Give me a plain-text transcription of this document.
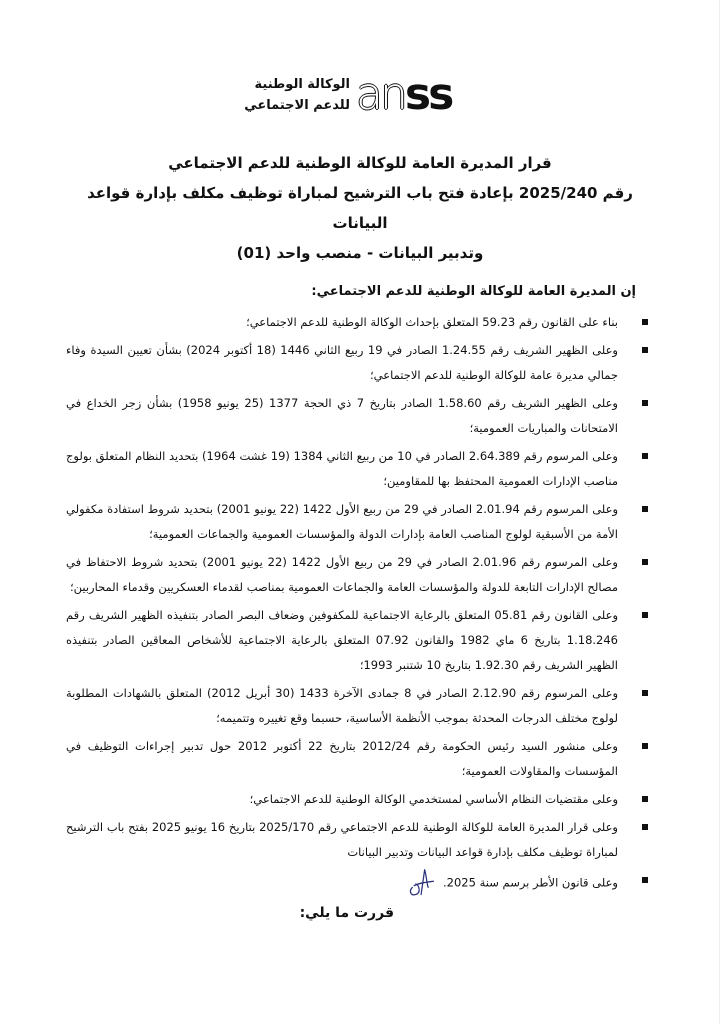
الوكالة الوطنية
للدعم الاجتماعي anss
قرار المديرة العامة للوكالة الوطنية للدعم الاجتماعي
رقم 2025/240 بإعادة فتح باب الترشيح لمباراة توظيف مكلف بإدارة قواعد البيانات
وتدبير البيانات - منصب واحد (01)
إن المديرة العامة للوكالة الوطنية للدعم الاجتماعي:
بناء على القانون رقم 59.23 المتعلق بإحداث الوكالة الوطنية للدعم الاجتماعي؛
وعلى الظهير الشريف رقم 1.24.55 الصادر في 19 ربيع الثاني 1446 (18 أكتوبر 2024) بشأن تعيين السيدة وفاء جمالي مديرة عامة للوكالة الوطنية للدعم الاجتماعي؛
وعلى الظهير الشريف رقم 1.58.60 الصادر بتاريخ 7 ذي الحجة 1377 (25 يونيو 1958) بشأن زجر الخداع في الامتحانات والمباريات العمومية؛
وعلى المرسوم رقم 2.64.389 الصادر في 10 من ربيع الثاني 1384 (19 غشت 1964) بتحديد النظام المتعلق بولوج مناصب الإدارات العمومية المحتفظ بها للمقاومين؛
وعلى المرسوم رقم 2.01.94 الصادر في 29 من ربيع الأول 1422 (22 يونيو 2001) بتحديد شروط استفادة مكفولي الأمة من الأسبقية لولوج المناصب العامة بإدارات الدولة والمؤسسات العمومية والجماعات العمومية؛
وعلى المرسوم رقم 2.01.96 الصادر في 29 من ربيع الأول 1422 (22 يونيو 2001) بتحديد شروط الاحتفاظ في مصالح الإدارات التابعة للدولة والمؤسسات العامة والجماعات العمومية بمناصب لقدماء العسكريين وقدماء المحاربين؛
وعلى القانون رقم 05.81 المتعلق بالرعاية الاجتماعية للمكفوفين وضعاف البصر الصادر بتنفيذه الظهير الشريف رقم 1.18.246 بتاريخ 6 ماي 1982 والقانون 07.92 المتعلق بالرعاية الاجتماعية للأشخاص المعاقين الصادر بتنفيذه الظهير الشريف رقم 1.92.30 بتاريخ 10 شتنبر 1993؛
وعلى المرسوم رقم 2.12.90 الصادر في 8 جمادى الآخرة 1433 (30 أبريل 2012) المتعلق بالشهادات المطلوبة لولوج مختلف الدرجات المحدثة بموجب الأنظمة الأساسية، حسبما وقع تغييره وتتميمه؛
وعلى منشور السيد رئيس الحكومة رقم 2012/24 بتاريخ 22 أكتوبر 2012 حول تدبير إجراءات التوظيف في المؤسسات والمقاولات العمومية؛
وعلى مقتضيات النظام الأساسي لمستخدمي الوكالة الوطنية للدعم الاجتماعي؛
وعلى قرار المديرة العامة للوكالة الوطنية للدعم الاجتماعي رقم 2025/170 بتاريخ 16 يونيو 2025 بفتح باب الترشيح لمباراة توظيف مكلف بإدارة قواعد البيانات وتدبير البيانات
وعلى قانون الأطر برسم سنة 2025.
قررت ما يلي:
